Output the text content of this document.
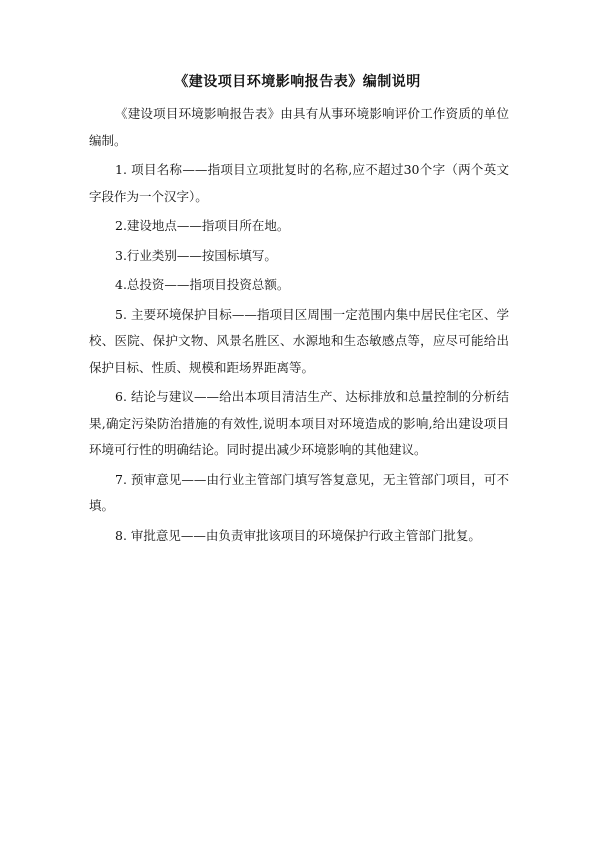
《建设项目环境影响报告表》编制说明

《建设项目环境影响报告表》由具有从事环境影响评价工作资质的单位编制。

1. 项目名称——指项目立项批复时的名称,应不超过30个字（两个英文字段作为一个汉字）。

2.建设地点——指项目所在地。

3.行业类别——按国标填写。

4.总投资——指项目投资总额。

5. 主要环境保护目标——指项目区周围一定范围内集中居民住宅区、学校、医院、保护文物、风景名胜区、水源地和生态敏感点等，应尽可能给出保护目标、性质、规模和距场界距离等。

6. 结论与建议——给出本项目清洁生产、达标排放和总量控制的分析结果,确定污染防治措施的有效性,说明本项目对环境造成的影响,给出建设项目环境可行性的明确结论。同时提出减少环境影响的其他建议。

7. 预审意见——由行业主管部门填写答复意见，无主管部门项目，可不填。

8. 审批意见——由负责审批该项目的环境保护行政主管部门批复。
